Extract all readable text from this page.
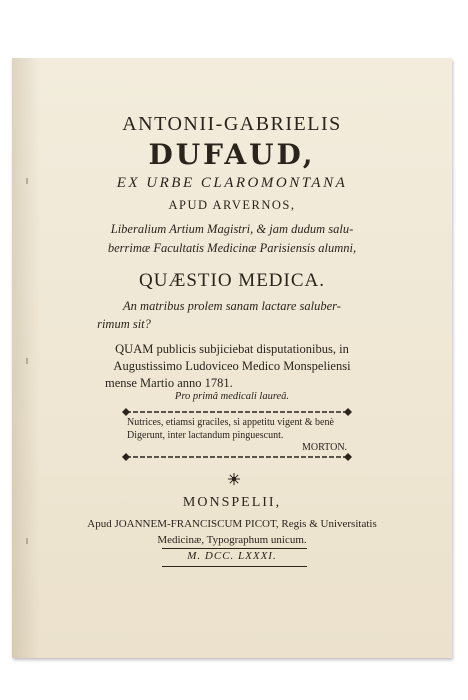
ANTONII-GABRIELIS
DUFAUD,
EX URBE CLAROMONTANA
APUD ARVERNOS,
Liberalium Artium Magistri, & jam dudum salu-
berrimæ Facultatis Medicinæ Parisiensis alumni,
QUÆSTIO MEDICA.
An matribus prolem sanam lactare saluber-
rimum sit?
QUAM publicis subjiciebat disputationibus, in
Augustissimo Ludoviceo Medico Monspeliensi
mense Martio anno 1781.
Pro primâ medicali laureâ.
Nutrices, etiamsi graciles, si appetitu vigent & benè
Digerunt, inter lactandum pinguescunt.
MORTON.
MONSPELII,
Apud JOANNEM-FRANCISCUM PICOT, Regis & Universitatis
Medicinæ, Typographum unicum.
M. DCC. LXXXI.
